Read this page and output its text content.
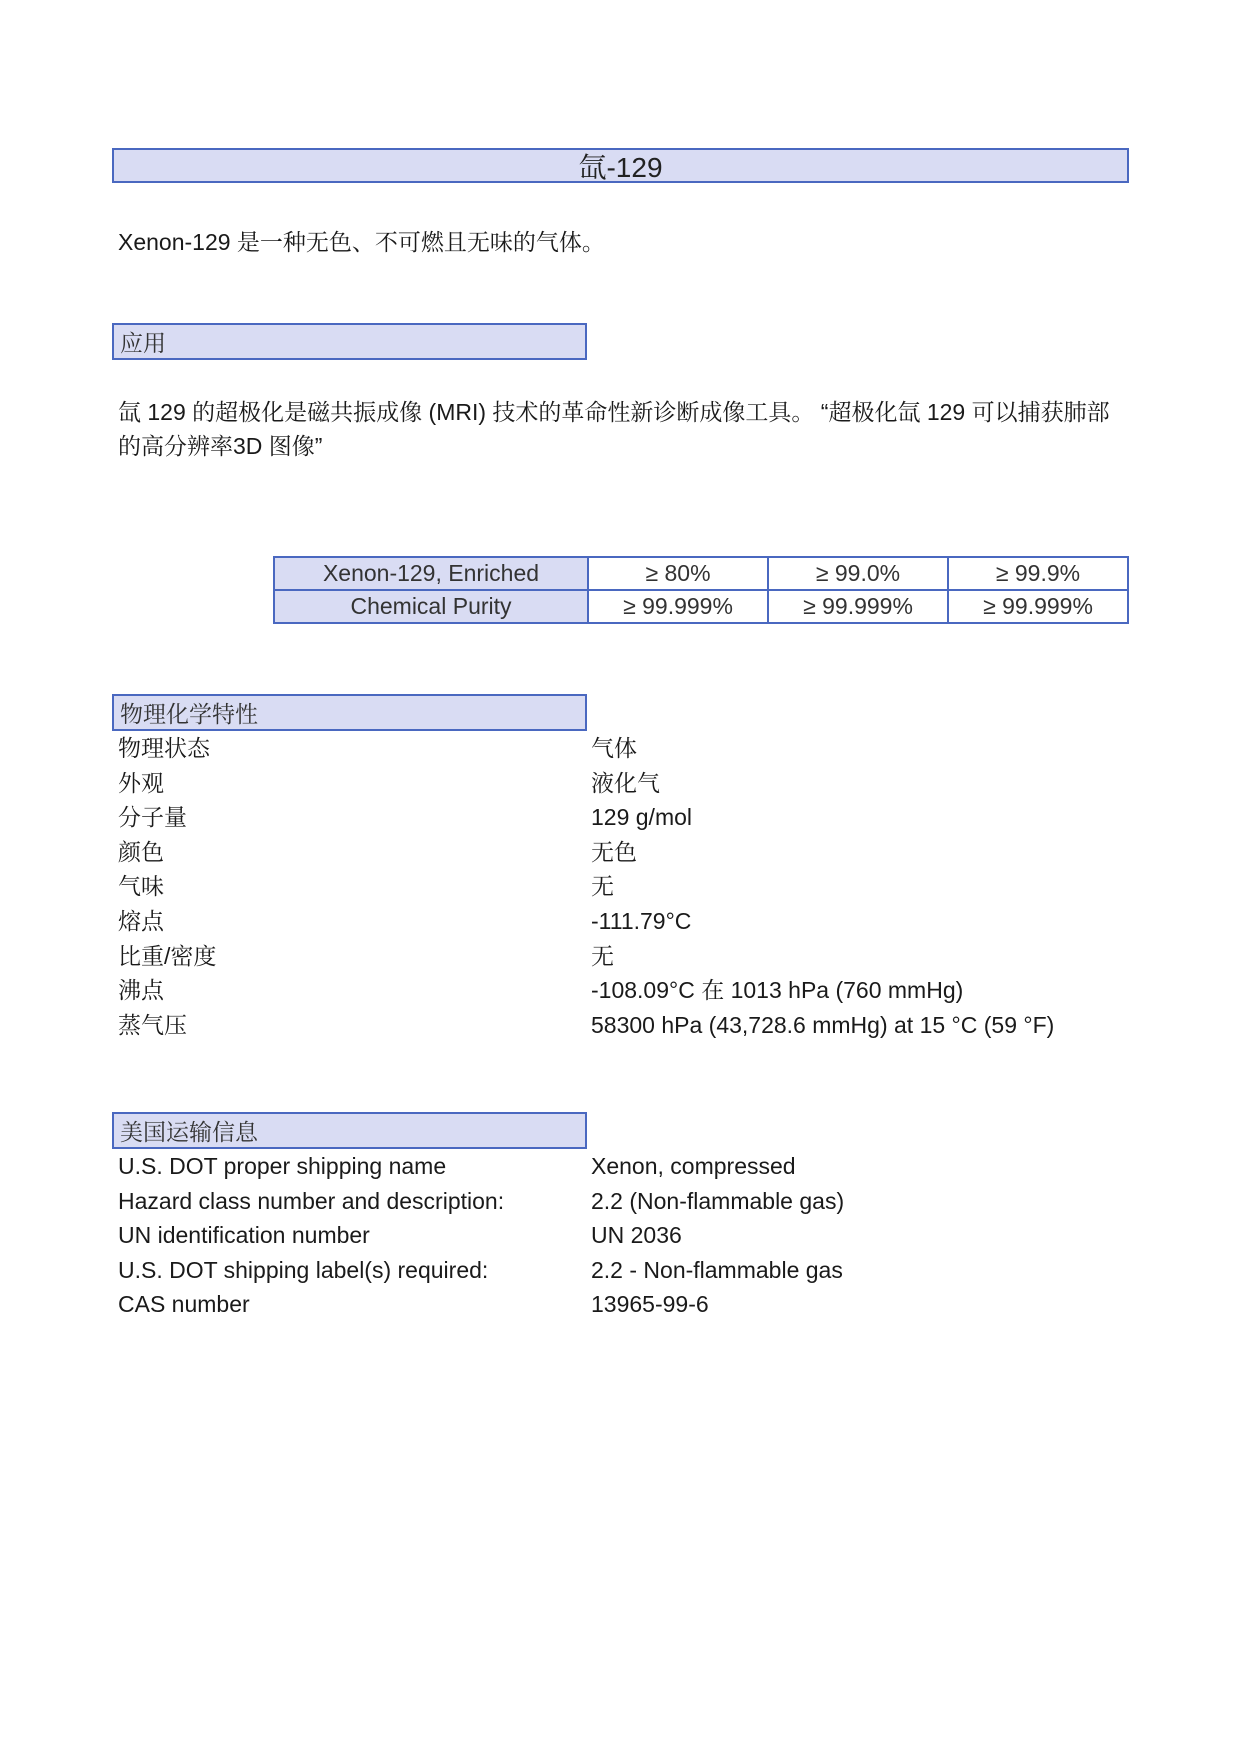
氙-129
Xenon-129 是一种无色、不可燃且无味的气体。
应用
氙 129 的超极化是磁共振成像 (MRI) 技术的革命性新诊断成像工具。 “超极化氙 129 可以捕获肺部的高分辨率3D 图像”
Xenon-129, Enriched	≥ 80%	≥ 99.0%	≥ 99.9%
Chemical Purity	≥ 99.999%	≥ 99.999%	≥ 99.999%
物理化学特性
物理状态	气体
外观	液化气
分子量	129 g/mol
颜色	无色
气味	无
熔点	-111.79°C
比重/密度	无
沸点	-108.09°C 在 1013 hPa (760 mmHg)
蒸气压	58300 hPa (43,728.6 mmHg) at 15 °C (59 °F)
美国运输信息
U.S. DOT proper shipping name	Xenon, compressed
Hazard class number and description:	2.2 (Non-flammable gas)
UN identification number	UN 2036
U.S. DOT shipping label(s) required:	2.2 - Non-flammable gas
CAS number	13965-99-6
